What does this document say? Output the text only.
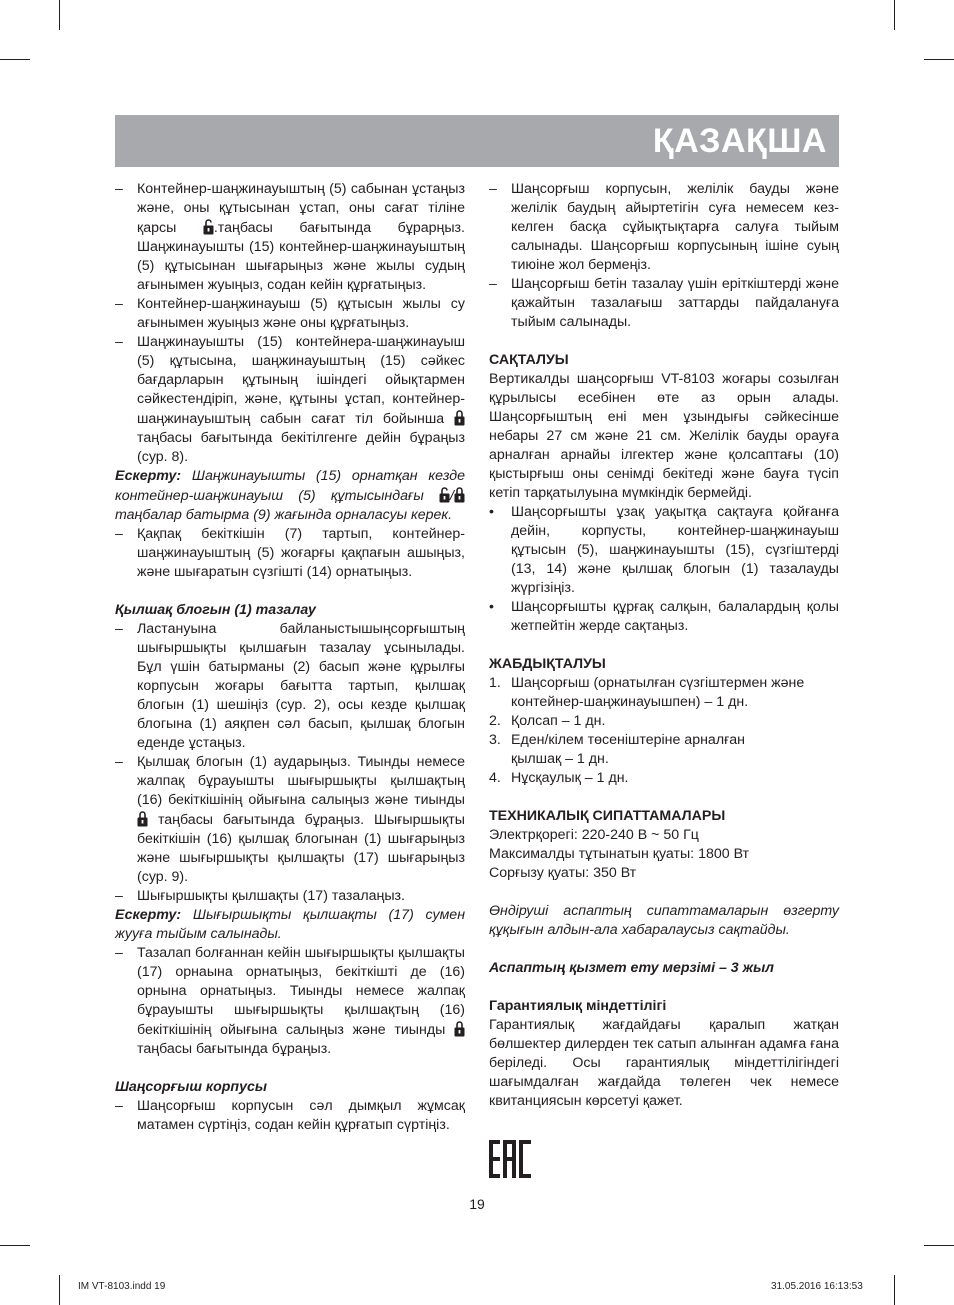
ҚАЗАҚША
– Контейнер-шаңжинауыштың (5) сабынан ұстаңыз және, оны құтысынан ұстап, оны сағат тіліне қарсы
.таңбасы бағытында бұрарңыз. Шаңжинауышты (15) контейнер-шаңжинауыштың (5) құтысынан шығарыңыз және жылы судың ағынымен жуыңыз, содан кейін құрғатыңыз.
– Контейнер-шаңжинауыш (5) құтысын жылы су ағынымен жуыңыз және оны құрғатыңыз.
– Шаңжинауышты (15) контейнера-шаңжинауыш (5) құтысына, шаңжинауыштың (15) сәйкес бағдарларын құтының ішіндегі ойықтармен сәйкестендіріп, және, құтыны ұстап, контейнер-шаңжинауыштың сабын сағат тіл бойынша
таңбасы бағытында бекітілгенге дейін бұраңыз (сур. 8).

Ескерту: Шаңжинауышты (15) орнатқан кезде контейнер-шаңжинауыш (5) құтысындағы
/
таңбалар батырма (9) жағында орналасуы керек.

– Қақпақ бекіткішін (7) тартып, контейнер-шаңжинауыштың (5) жоғарғы қақпағын ашыңыз, және шығаратын сүзгішті (14) орнатыңыз.

Қылшақ блогын (1) тазалау

– Ластануына байланыстышыңсорғыштың шығыршықты қылшағын тазалау ұсынылады. Бұл үшін батырманы (2) басып және құрылғы корпусын жоғары бағытта тартып, қылшақ блогын (1) шешіңіз (сур. 2), осы кезде қылшақ блогына (1) аяқпен сәл басып, қылшақ блогын еденде ұстаңыз.
– Қылшақ блогын (1) аударыңыз. Тиынды немесе жалпақ бұрауышты шығыршықты қылшақтың (16) бекіткішінің ойығына салыңыз және тиынды
таңбасы бағытында бұраңыз. Шығыршықты бекіткішін (16) қылшақ блогынан (1) шығарыңыз және шығыршықты қылшақты (17) шығарыңыз (сур. 9).
– Шығыршықты қылшақты (17) тазалаңыз.

Ескерту: Шығыршықты қылшақты (17) сумен жууға тыйым салынады.

– Тазалап болғаннан кейін шығыршықты қылшақты (17) орнаына орнатыңыз, бекіткішті де (16) орнына орнатыңыз. Тиынды немесе жалпақ бұрауышты шығыршықты қылшақтың (16) бекіткішінің ойығына салыңыз және тиынды
таңбасы бағытында бұраңыз.

Шаңсорғыш корпусы

– Шаңсорғыш корпусын сәл дымқыл жұмсақ матамен сүртіңіз, содан кейін құрғатып сүртіңіз.
– Шаңсорғыш корпусын, желілік бауды және желілік баудың айыртетігін суға немесем кез-келген басқа сұйықтықтарға салуға тыйым салынады. Шаңсорғыш корпусының ішіне суың тиюіне жол бермеңіз.
– Шаңсорғыш бетін тазалау үшін еріткіштерді және қажайтын тазалағыш заттарды пайдалануға тыйым салынады.

САҚТАЛУЫ

Вертикалды шаңсорғыш VT-8103 жоғары созылған құрылысы есебінен өте аз орын алады. Шаңсорғыштың ені мен ұзындығы сәйкесінше небары 27 см және 21 см. Желілік бауды орауға арналған арнайы ілгектер және қолсаптағы (10) қыстырғыш оны сенімді бекітеді және бауға түсіп кетіп тарқатылуына мүмкіндік бермейді.

• Шаңсорғышты ұзақ уақытқа сақтауға қойғанға дейін, корпусты, контейнер-шаңжинауыш құтысын (5), шаңжинауышты (15), сүзгіштерді (13, 14) және қылшақ блогын (1) тазалауды жүргізіңіз.
• Шаңсорғышты құрғақ салқын, балалардың қолы жетпейтін жерде сақтаңыз.

ЖАБДЫҚТАЛУЫ

1. Шаңсорғыш (орнатылған сүзгіштермен және контейнер-шаңжинауышпен) – 1 дн.
2. Қолсап – 1 дн.
3. Еден/кілем төсеніштеріне арналған қылшақ – 1 дн.
4. Нұсқаулық – 1 дн.

ТЕХНИКАЛЫҚ СИПАТТАМАЛАРЫ

Электрқорегі: 220-240 В ~ 50 Гц

Максималды тұтынатын қуаты: 1800 Вт

Сорғызу қуаты: 350 Вт

Өндіруші аспаптың сипаттамаларын өзгерту құқығын алдын-ала хабаралаусыз сақтайды.

Аспаптың қызмет ету мерзімі – 3 жыл

Гарантиялық міндеттілігі

Гарантиялық жағдайдағы қаралып жатқан бөлшектер дилерден тек сатып алынған адамға ғана беріледі. Осы гарантиялық міндеттілігіндегі шағымдалған жағдайда төлеген чек немесе квитанциясын көрсетуі қажет.

19
IM VT-8103.indd 19	31.05.2016 16:13:53
